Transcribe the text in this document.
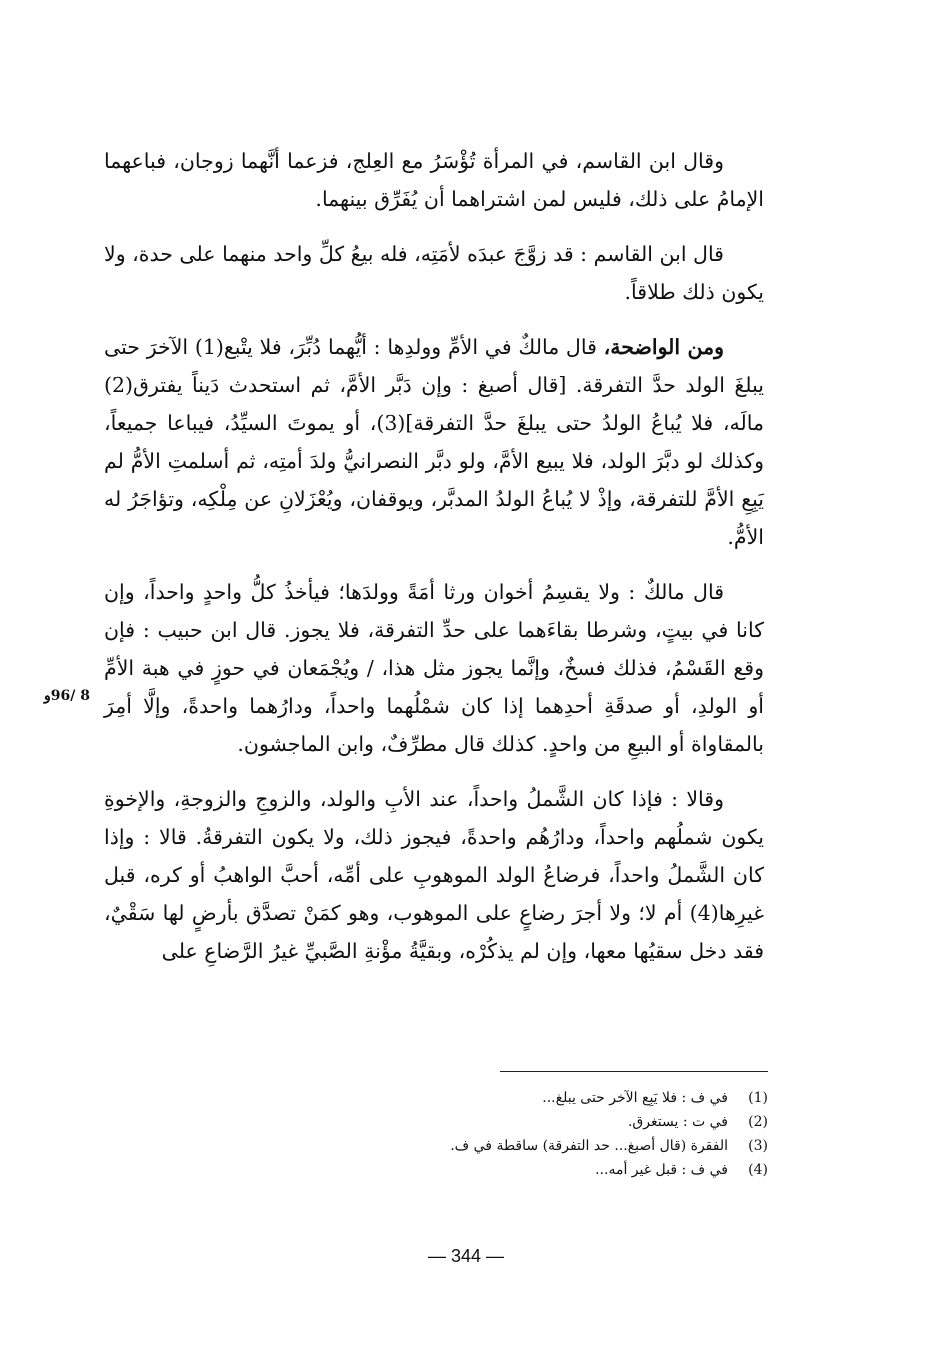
وقال ابن القاسم، في المرأة تُؤْسَرُ مع العِلج، فزعما أنَّهما زوجان، فباعهما الإمامُ على ذلك، فليس لمن اشتراهما أن يُفَرِّق بينهما.

قال ابن القاسم : قد زوَّجَ عبدَه لأمَتِه، فله بيعُ كلِّ واحد منهما على حدة، ولا يكون ذلك طلاقاً.

ومن الواضحة، قال مالكٌ في الأمِّ وولدِها : أيُّهما دُبِّرَ، فلا يتْبع(1) الآخرَ حتى يبلغَ الولد حدَّ التفرقة. [قال أصبغ : وإن دَبَّر الأمَّ، ثم استحدث دَيناً يفترق(2) مالَه، فلا يُباعُ الولدُ حتى يبلغَ حدَّ التفرقة](3)، أو يموتَ السيِّدُ، فيباعا جميعاً، وكذلك لو دبَّرَ الولد، فلا يبيع الأمَّ، ولو دبَّر النصرانيُّ ولدَ أمتِه، ثم أسلمتِ الأمُّ لم يَبِعِ الأمَّ للتفرقة، وإذْ لا يُباعُ الولدُ المدبَّر، ويوقفان، ويُعْزَلانِ عن مِلْكِه، وتؤاجَرُ له الأمُّ.

قال مالكٌ : ولا يقسِمُ أخوان ورثا أمَةً وولدَها؛ فيأخذُ كلُّ واحدٍ واحداً، وإن كانا في بيتٍ، وشرطا بقاءَهما على حدِّ التفرقة، فلا يجوز. قال ابن حبيب : فإن وقع القَسْمُ، فذلك فسخٌ، وإنَّما يجوز مثل هذا، / ويُجْمَعان في حوزٍ في هبة الأمِّ أو الولدِ، أو صدقَةِ أحدِهما إذا كان شمْلُهما واحداً، ودارُهما واحدةً، وإلَّا أمِرَ بالمقاواة أو البيعِ من واحدٍ. كذلك قال مطرِّفٌ، وابن الماجشون.

وقالا : فإذا كان الشَّملُ واحداً، عند الأبِ والولد، والزوجِ والزوجةِ، والإخوةِ يكون شملُهم واحداً، ودارُهُم واحدةً، فيجوز ذلك، ولا يكون التفرقةُ. قالا : وإذا كان الشَّملُ واحداً، فرضاعُ الولد الموهوبِ على أمِّه، أحبَّ الواهبُ أو كره، قبل غيرِها(4) أم لا؛ ولا أجرَ رضاعٍ على الموهوب، وهو كمَنْ تصدَّق بأرضٍ لها سَقْيٌ، فقد دخل سقيُها معها، وإن لم يذكُرْه، وبقيَّةُ مؤْنةِ الصَّبيِّ غيرُ الرَّضاعِ على

8 /96و
(1)
في ف : فلا يَبِع الآخر حتى يبلغ...
(2)
في ت : يستغرق.
(3)
الفقرة (قال أصبغ... حد التفرقة) ساقطة في ف.
(4)
في ف : قبل غير أمه...
— 344 —
